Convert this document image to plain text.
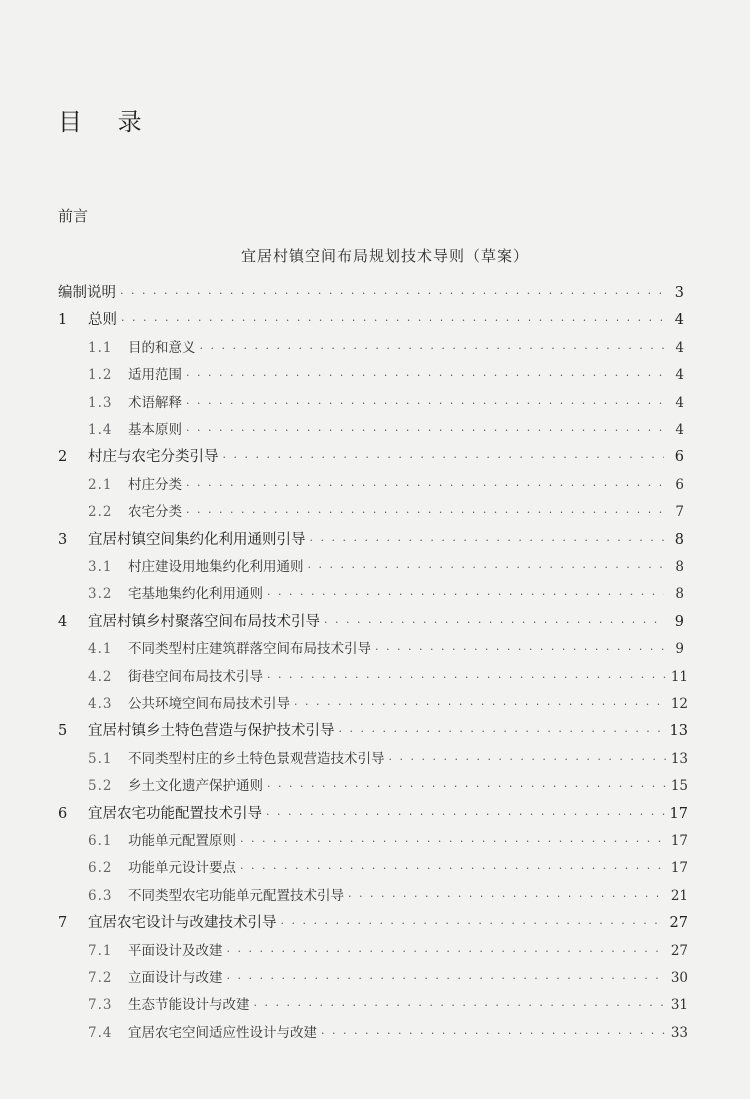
目 录
前言
宜居村镇空间布局规划技术导则（草案）
编制说明 · · ·	3
1	总则 · · ·	4
1.1	目的和意义 · · ·	4
1.2	适用范围 · · ·	4
1.3	术语解释 · · ·	4
1.4	基本原则 · · ·	4
2	村庄与农宅分类引导 · · ·	6
2.1	村庄分类 · · ·	6
2.2	农宅分类 · · ·	7
3	宜居村镇空间集约化利用通则引导 · · ·	8
3.1	村庄建设用地集约化利用通则 · · ·	8
3.2	宅基地集约化利用通则 · · ·	8
4	宜居村镇乡村聚落空间布局技术引导 · · ·	9
4.1	不同类型村庄建筑群落空间布局技术引导 · · ·	9
4.2	街巷空间布局技术引导 · · ·	11
4.3	公共环境空间布局技术引导 · · ·	12
5	宜居村镇乡土特色营造与保护技术引导 · · ·	13
5.1	不同类型村庄的乡土特色景观营造技术引导 · · ·	13
5.2	乡土文化遗产保护通则 · · ·	15
6	宜居农宅功能配置技术引导 · · ·	17
6.1	功能单元配置原则 · · ·	17
6.2	功能单元设计要点 · · ·	17
6.3	不同类型农宅功能单元配置技术引导 · · ·	21
7	宜居农宅设计与改建技术引导 · · ·	27
7.1	平面设计及改建 · · ·	27
7.2	立面设计与改建 · · ·	30
7.3	生态节能设计与改建 · · ·	31
7.4	宜居农宅空间适应性设计与改建 · · ·	33
